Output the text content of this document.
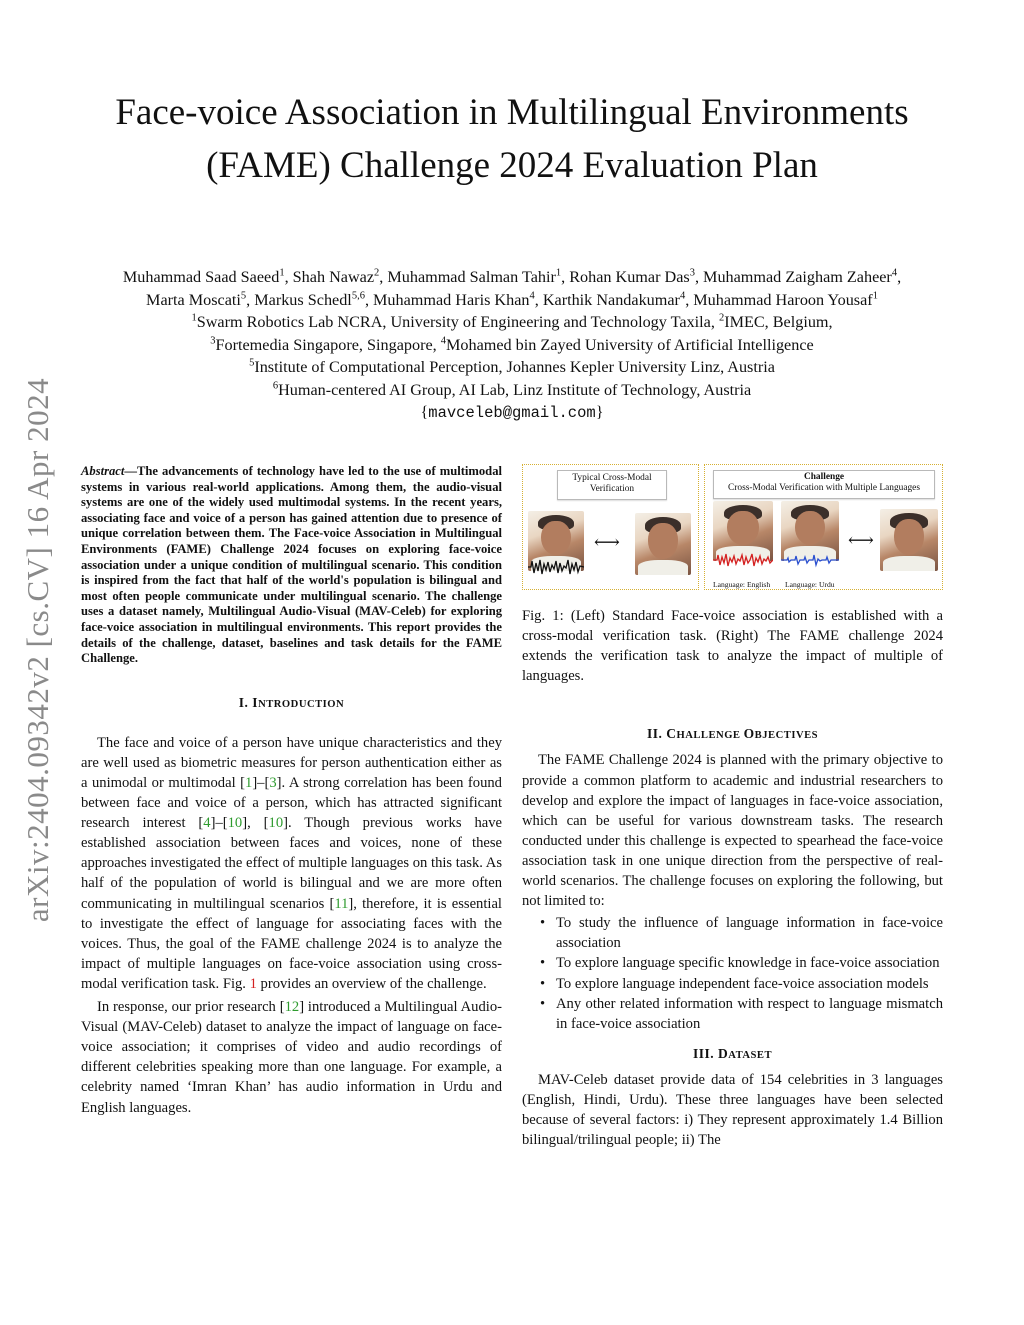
arXiv:2404.09342v2 [cs.CV] 16 Apr 2024
Face-voice Association in Multilingual Environments (FAME) Challenge 2024 Evaluation Plan
Muhammad Saad Saeed$^1$, Shah Nawaz$^2$, Muhammad Salman Tahir$^1$, Rohan Kumar Das$^3$, Muhammad Zaigham Zaheer$^4$,
Marta Moscati$^5$, Markus Schedl$^{5,6}$, Muhammad Haris Khan$^4$, Karthik Nandakumar$^4$, Muhammad Haroon Yousaf$^1$
$^1$Swarm Robotics Lab NCRA, University of Engineering and Technology Taxila, $^2$IMEC, Belgium,
$^3$Fortemedia Singapore, Singapore, $^4$Mohamed bin Zayed University of Artificial Intelligence
$^5$Institute of Computational Perception, Johannes Kepler University Linz, Austria
$^6$Human-centered AI Group, AI Lab, Linz Institute of Technology, Austria
{mavceleb@gmail.com}
Abstract—The advancements of technology have led to the use of multimodal systems in various real-world applications. Among them, the audio-visual systems are one of the widely used multimodal systems. In the recent years, associating face and voice of a person has gained attention due to presence of unique correlation between them. The Face-voice Association in Multilingual Environments (FAME) Challenge 2024 focuses on exploring face-voice association under a unique condition of multilingual scenario. This condition is inspired from the fact that half of the world's population is bilingual and most often people communicate under multilingual scenario. The challenge uses a dataset namely, Multilingual Audio-Visual (MAV-Celeb) for exploring face-voice association in multilingual environments. This report provides the details of the challenge, dataset, baselines and task details for the FAME Challenge.
I. INTRODUCTION

The face and voice of a person have unique characteristics and they are well used as biometric measures for person authentication either as a unimodal or multimodal [1]–[3]. A strong correlation has been found between face and voice of a person, which has attracted significant research interest [4]–[10], [10]. Though previous works have established association between faces and voices, none of these approaches investigated the effect of multiple languages on this task. As half of the population of world is bilingual and we are more often communicating in multilingual scenarios [11], therefore, it is essential to investigate the effect of language for associating faces with the voices. Thus, the goal of the FAME challenge 2024 is to analyze the impact of multiple languages on face-voice association using cross-modal verification task. Fig. 1 provides an overview of the challenge.

In response, our prior research [12] introduced a Multilingual Audio-Visual (MAV-Celeb) dataset to analyze the impact of language on face-voice association; it comprises of video and audio recordings of different celebrities speaking more than one language. For example, a celebrity named ‘Imran Khan’ has audio information in Urdu and English languages.

Typical Cross-Modal Verification
⟷
Challenge
Cross-Modal Verification with Multiple Languages
Language: English Language: Urdu
⟷
Fig. 1: (Left) Standard Face-voice association is established with a cross-modal verification task. (Right) The FAME challenge 2024 extends the verification task to analyze the impact of multiple of languages.
II. CHALLENGE OBJECTIVES

The FAME Challenge 2024 is planned with the primary objective to provide a common platform to academic and industrial researchers to develop and explore the impact of languages in face-voice association, which can be useful for various downstream tasks. The research conducted under this challenge is expected to spearhead the face-voice association task in one unique direction from the perspective of real-world scenarios. The challenge focuses on exploring the following, but not limited to:

• To study the influence of language information in face-voice association
• To explore language specific knowledge in face-voice association
• To explore language independent face-voice association models
• Any other related information with respect to language mismatch in face-voice association
III. DATASET

MAV-Celeb dataset provide data of 154 celebrities in 3 languages (English, Hindi, Urdu). These three languages have been selected because of several factors: i) They represent approximately 1.4 Billion bilingual/trilingual people; ii) The
